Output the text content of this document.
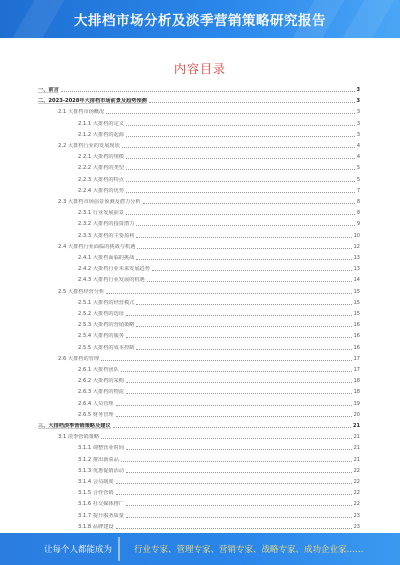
大排档市场分析及淡季营销策略研究报告
内容目录
一、前言	3
二、2023-2028年大排档市场前景及趋势预测	3
2.1 大排档市场概况	3
2.1.1 大排档的定义	3
2.1.2 大排档的起源	3
2.2 大排档行业的发展现状	4
2.2.1 大排档的规模	4
2.2.2 大排档的类型	5
2.2.3 大排档的特点	5
2.2.4 大排档的优势	7
2.3 大排档市场前景预测及潜力分析	8
2.3.1 行业发展前景	8
2.3.2 大排档的投资潜力	9
2.3.3 大排档的主要盈利	10
2.4 大排档行业面临的挑战与机遇	12
2.4.1 大排档面临的挑战	13
2.4.2 大排档行业未来发展趋势	13
2.4.3 大排档行业发展的机遇	14
2.5 大排档经营分析	15
2.5.1 大排档的经营模式	15
2.5.2 大排档的选址	15
2.5.3 大排档的营销策略	16
2.5.4 大排档的服务	16
2.5.5 大排档的成本控制	16
2.6 大排档的管理	17
2.6.1 大排档团队	17
2.6.2 大排档的采购	18
2.6.3 大排档的物流	18
2.6.4 人员管理	19
2.6.5 财务管理	20
三、大排档淡季营销策略及建议	21
3.1 淡季营销策略	21
3.1.1 调整营业时间	21
3.1.2 推出新菜品	21
3.1.3 优惠促销活动	22
3.1.4 会员制度	22
3.1.5 合作营销	22
3.1.6 社交媒体推广	22
3.1.7 提升服务质量	23
3.1.8 品牌建设	23
让每个人都能成为	行业专家、管理专家、营销专家、战略专家、成功企业家……
